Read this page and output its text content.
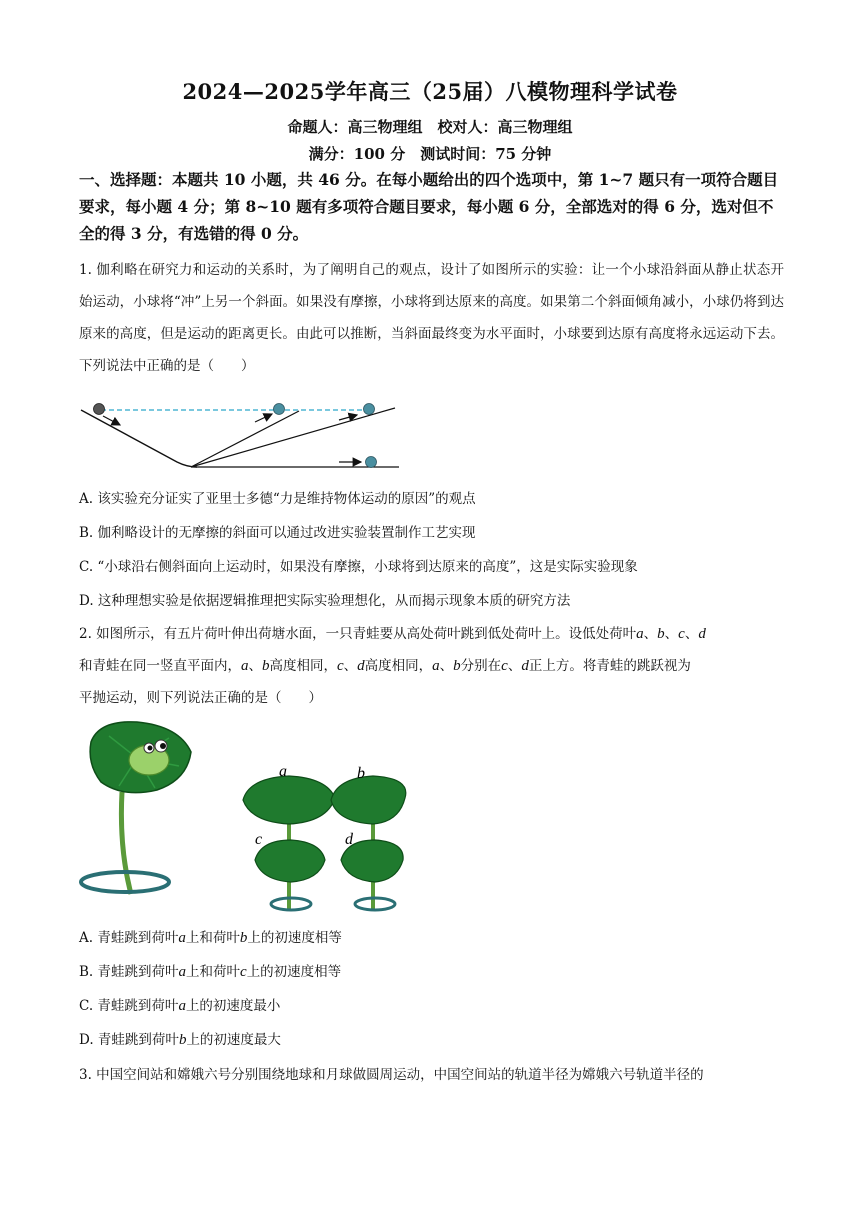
2024—2025学年高三（25届）八模物理科学试卷
命题人：高三物理组　校对人：高三物理组
满分：100 分　测试时间：75 分钟
一、选择题：本题共 10 小题，共 46 分。在每小题给出的四个选项中，第 1~7 题只有一项符合题目要求，每小题 4 分；第 8~10 题有多项符合题目要求，每小题 6 分，全部选对的得 6 分，选对但不全的得 3 分，有选错的得 0 分。
1. 伽利略在研究力和运动的关系时，为了阐明自己的观点，设计了如图所示的实验：让一个小球沿斜面从静止状态开始运动，小球将“冲”上另一个斜面。如果没有摩擦，小球将到达原来的高度。如果第二个斜面倾角减小，小球仍将到达原来的高度，但是运动的距离更长。由此可以推断，当斜面最终变为水平面时，小球要到达原有高度将永远运动下去。下列说法中正确的是（　　）
A. 该实验充分证实了亚里士多德“力是维持物体运动的原因”的观点
B. 伽利略设计的无摩擦的斜面可以通过改进实验装置制作工艺实现
C. “小球沿右侧斜面向上运动时，如果没有摩擦，小球将到达原来的高度”，这是实际实验现象
D. 这种理想实验是依据逻辑推理把实际实验理想化，从而揭示现象本质的研究方法
2. 如图所示，有五片荷叶伸出荷塘水面，一只青蛙要从高处荷叶跳到低处荷叶上。设低处荷叶a、b、c、d
和青蛙在同一竖直平面内，a、b高度相同，c、d高度相同，a、b分别在c、d正上方。将青蛙的跳跃视为
平抛运动，则下列说法正确的是（　　）
a
c
b
d
A. 青蛙跳到荷叶a上和荷叶b上的初速度相等
B. 青蛙跳到荷叶a上和荷叶c上的初速度相等
C. 青蛙跳到荷叶a上的初速度最小
D. 青蛙跳到荷叶b上的初速度最大
3. 中国空间站和嫦娥六号分别围绕地球和月球做圆周运动，中国空间站的轨道半径为嫦娥六号轨道半径的
